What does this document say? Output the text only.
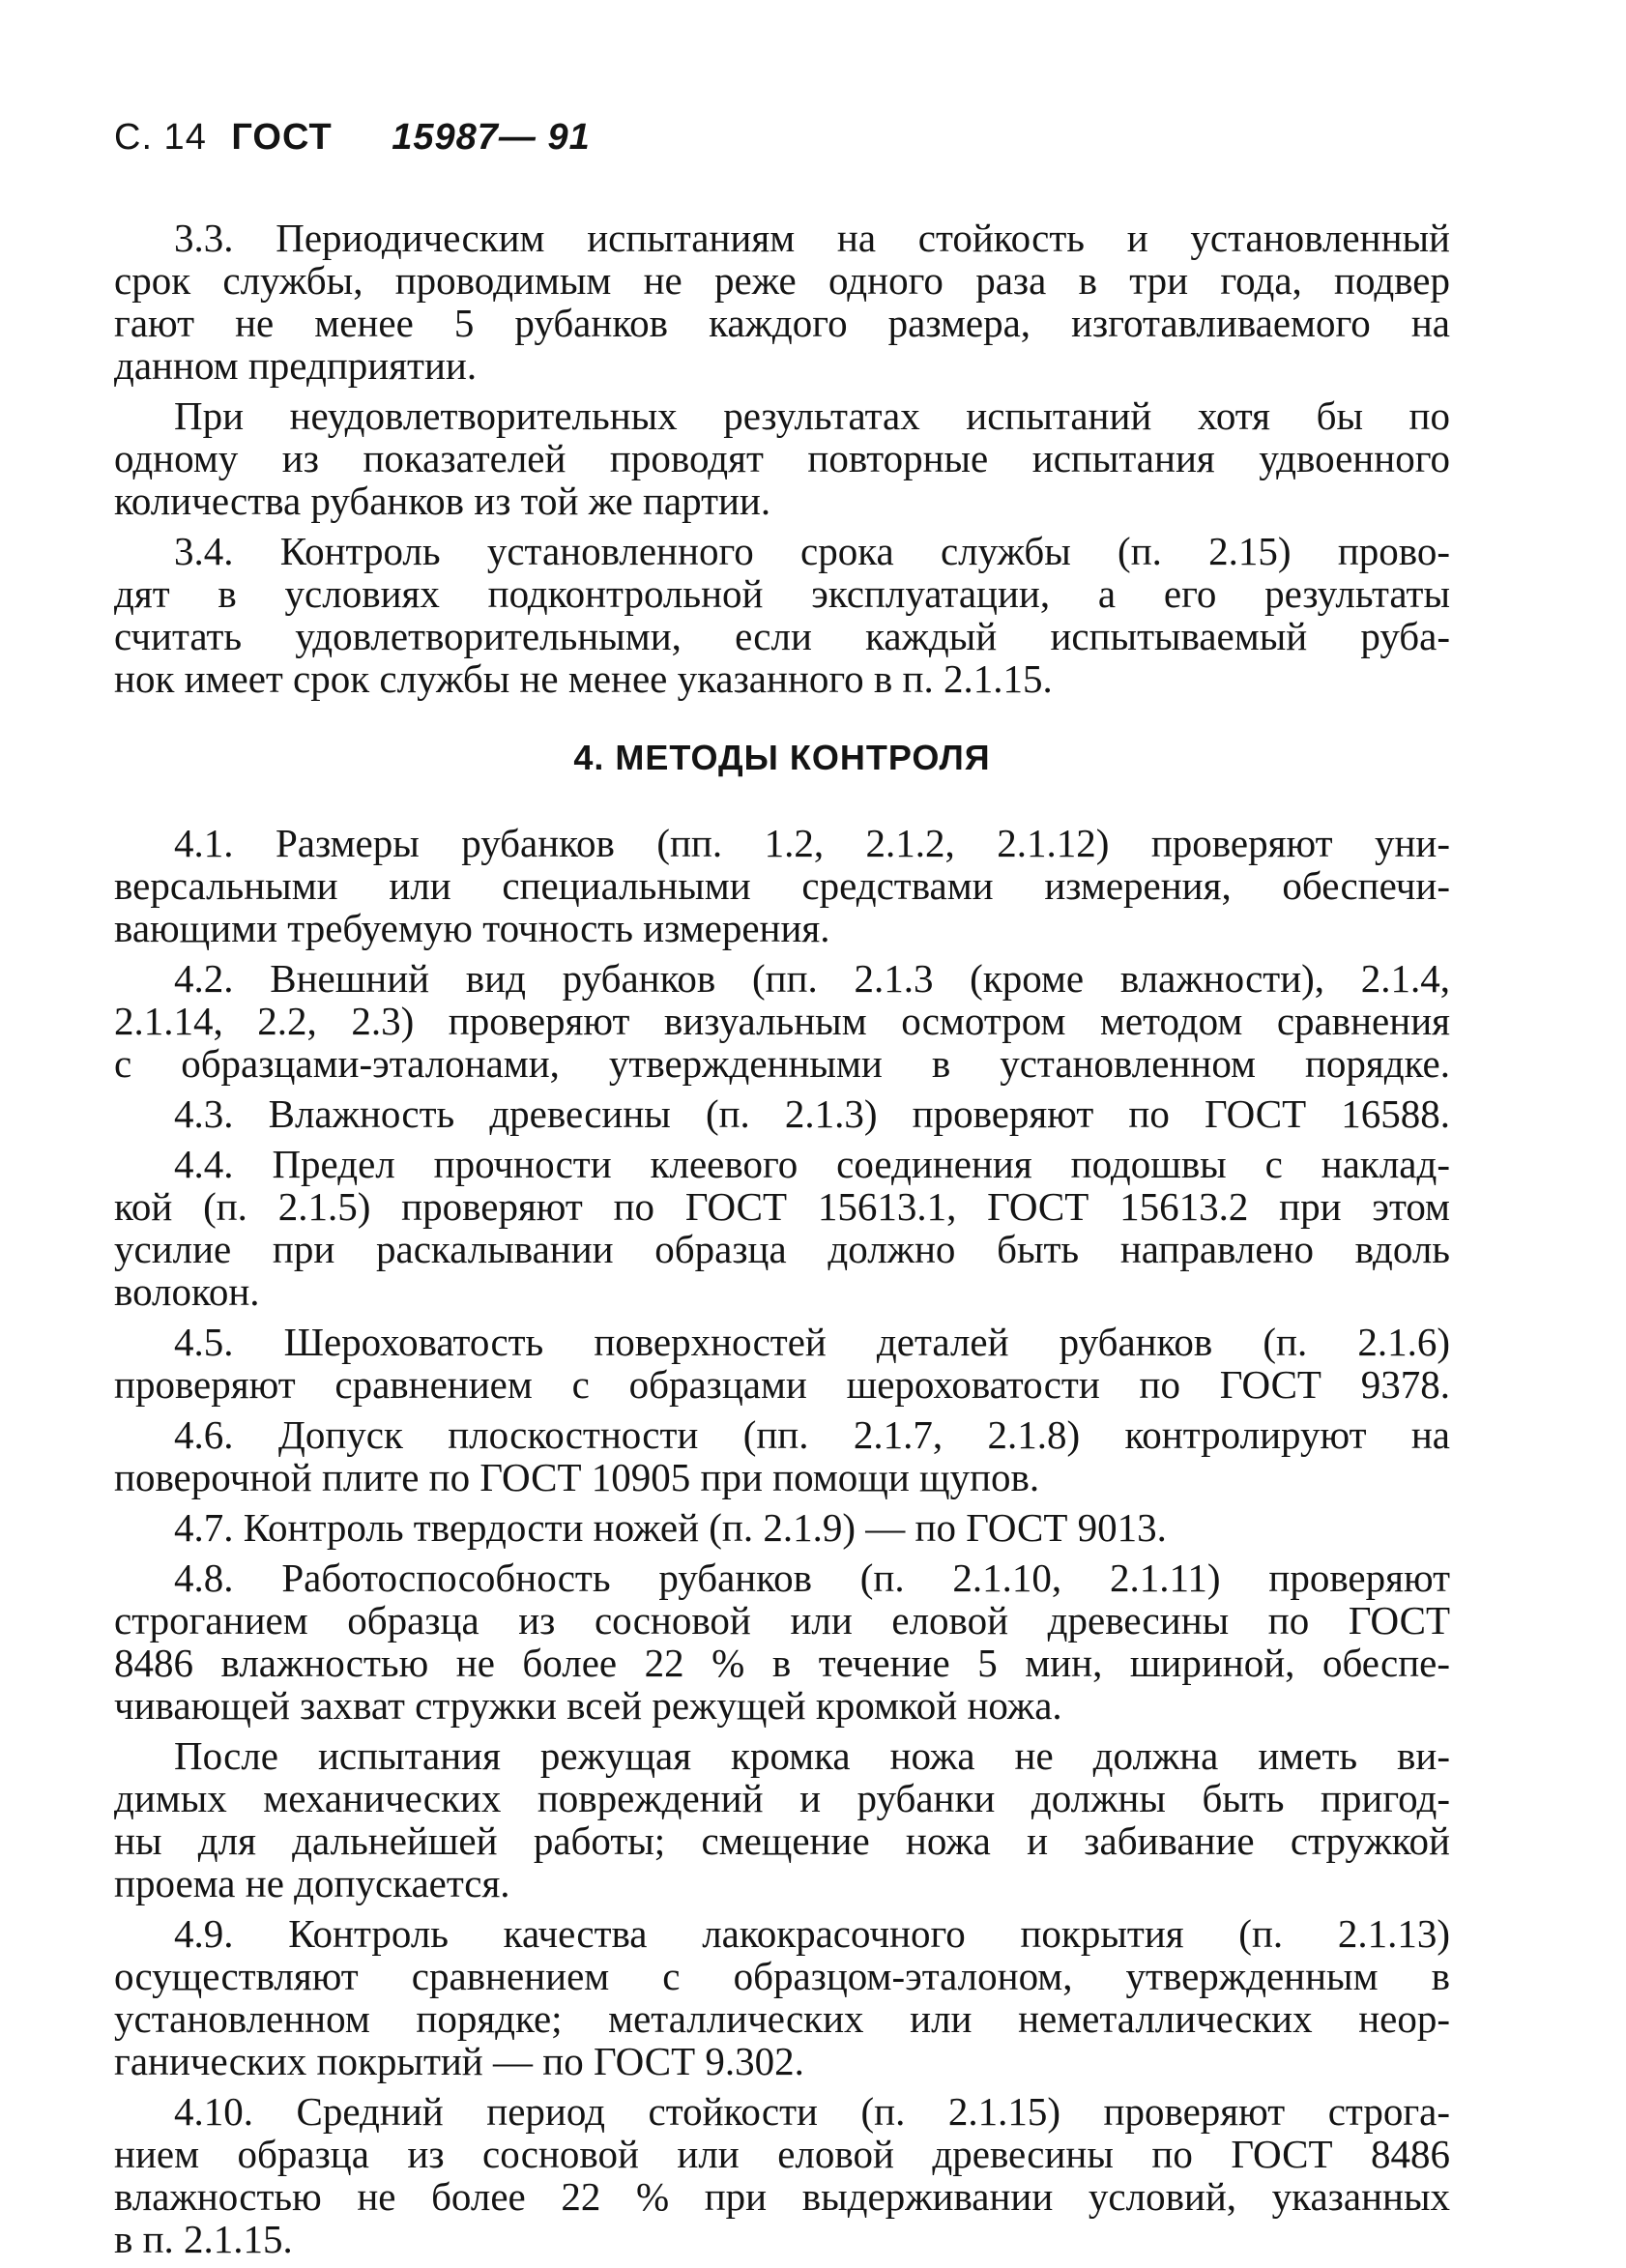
С. 14 ГОСТ 15987— 91
3.3. Периодическим испытаниям на стойкость и установленный
срок службы, проводимым не реже одного раза в три года, подвер
гают не менее 5 рубанков каждого размера, изготавливаемого на
данном предприятии.
При неудовлетворительных результатах испытаний хотя бы по
одному из показателей проводят повторные испытания удвоенного
количества рубанков из той же партии.
3.4. Контроль установленного срока службы (п. 2.15) прово-
дят в условиях подконтрольной эксплуатации, а его результаты
считать удовлетворительными, если каждый испытываемый руба-
нок имеет срок службы не менее указанного в п. 2.1.15.
4. МЕТОДЫ КОНТРОЛЯ
4.1. Размеры рубанков (пп. 1.2, 2.1.2, 2.1.12) проверяют уни-
версальными или специальными средствами измерения, обеспечи-
вающими требуемую точность измерения.
4.2. Внешний вид рубанков (пп. 2.1.3 (кроме влажности), 2.1.4,
2.1.14, 2.2, 2.3) проверяют визуальным осмотром методом сравнения
с образцами-эталонами, утвержденными в установленном порядке.
4.3. Влажность древесины (п. 2.1.3) проверяют по ГОСТ 16588.
4.4. Предел прочности клеевого соединения подошвы с наклад-
кой (п. 2.1.5) проверяют по ГОСТ 15613.1, ГОСТ 15613.2 при этом
усилие при раскалывании образца должно быть направлено вдоль
волокон.
4.5. Шероховатость поверхностей деталей рубанков (п. 2.1.6)
проверяют сравнением с образцами шероховатости по ГОСТ 9378.
4.6. Допуск плоскостности (пп. 2.1.7, 2.1.8) контролируют на
поверочной плите по ГОСТ 10905 при помощи щупов.
4.7. Контроль твердости ножей (п. 2.1.9) — по ГОСТ 9013.
4.8. Работоспособность рубанков (п. 2.1.10, 2.1.11) проверяют
строганием образца из сосновой или еловой древесины по ГОСТ
8486 влажностью не более 22 % в течение 5 мин, шириной, обеспе-
чивающей захват стружки всей режущей кромкой ножа.
После испытания режущая кромка ножа не должна иметь ви-
димых механических повреждений и рубанки должны быть пригод-
ны для дальнейшей работы; смещение ножа и забивание стружкой
проема не допускается.
4.9. Контроль качества лакокрасочного покрытия (п. 2.1.13)
осуществляют сравнением с образцом-эталоном, утвержденным в
установленном порядке; металлических или неметаллических неор-
ганических покрытий — по ГОСТ 9.302.
4.10. Средний период стойкости (п. 2.1.15) проверяют строга-
нием образца из сосновой или еловой древесины по ГОСТ 8486
влажностью не более 22 % при выдерживании условий, указанных
в п. 2.1.15.
